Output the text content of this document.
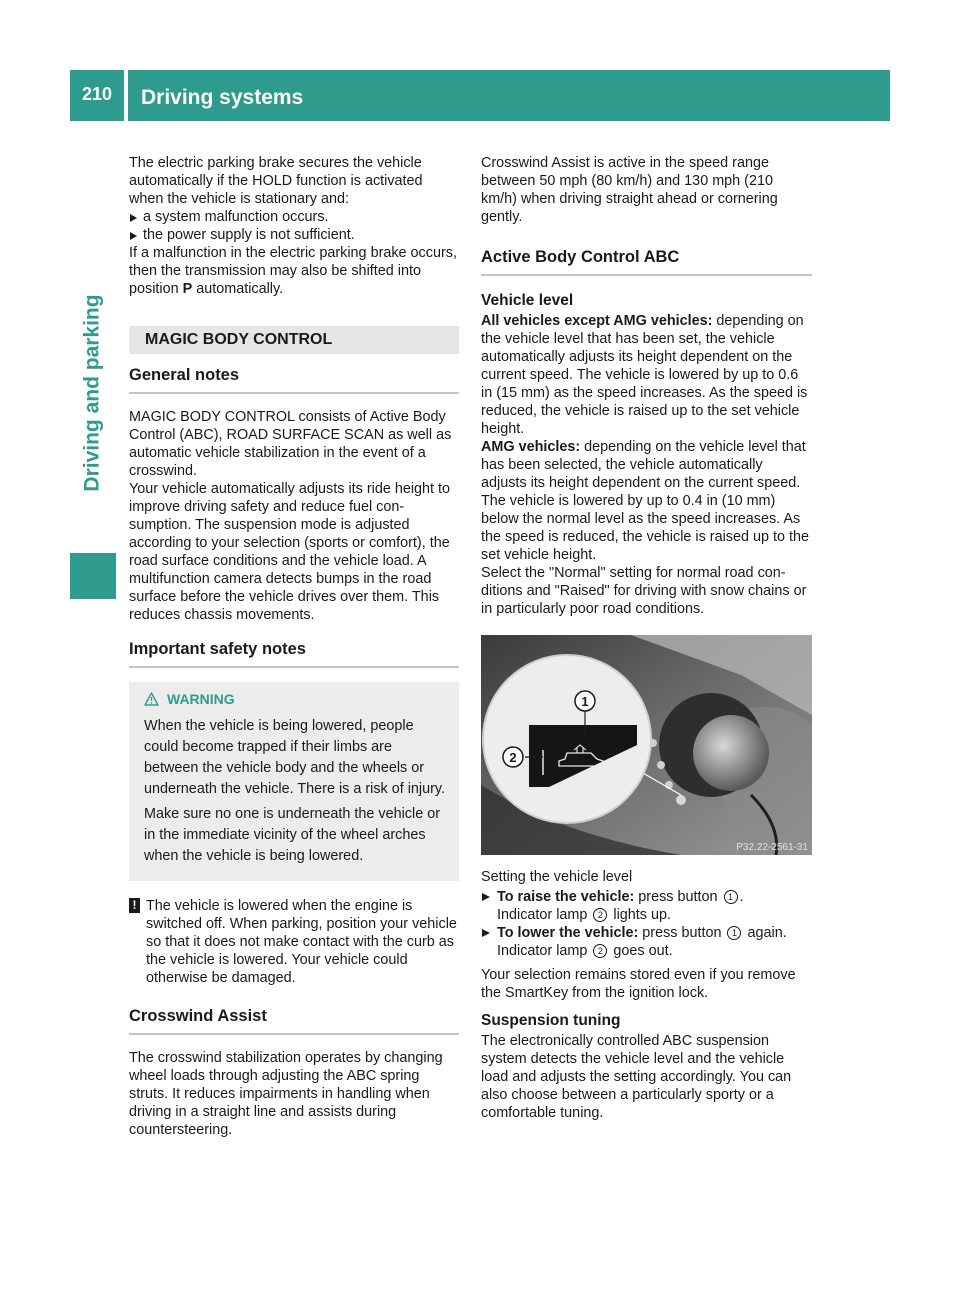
210	Driving systems
Driving and parking

The electric parking brake secures the vehicle automatically if the HOLD function is activated when the vehicle is stationary and:

a system malfunction occurs.
the power supply is not sufficient.

If a malfunction in the electric parking brake occurs, then the transmission may also be shifted into position P automatically.

MAGIC BODY CONTROL
General notes

MAGIC BODY CONTROL consists of Active Body Control (ABC), ROAD SURFACE SCAN as well as automatic vehicle stabilization in the event of a crosswind.

Your vehicle automatically adjusts its ride height to improve driving safety and reduce fuel consumption. The suspension mode is adjusted according to your selection (sports or comfort), the road surface conditions and the vehicle load. A multifunction camera detects bumps in the road surface before the vehicle drives over them. This reduces chassis movements.

Important safety notes
WARNING

When the vehicle is being lowered, people could become trapped if their limbs are between the vehicle body and the wheels or underneath the vehicle. There is a risk of injury.

Make sure no one is underneath the vehicle or in the immediate vicinity of the wheel arches when the vehicle is being lowered.

! The vehicle is lowered when the engine is switched off. When parking, position your vehicle so that it does not make contact with the curb as the vehicle is lowered. Your vehicle could otherwise be damaged.

Crosswind Assist

The crosswind stabilization operates by changing wheel loads through adjusting the ABC spring struts. It reduces impairments in handling when driving in a straight line and assists during countersteering.

Crosswind Assist is active in the speed range between 50 mph (80 km/h) and 130 mph (210 km/h) when driving straight ahead or cornering gently.

Active Body Control ABC
Vehicle level

All vehicles except AMG vehicles: depending on the vehicle level that has been set, the vehicle automatically adjusts its height dependent on the current speed. The vehicle is lowered by up to 0.6 in (15 mm) as the speed increases. As the speed is reduced, the vehicle is raised up to the set vehicle height.

AMG vehicles: depending on the vehicle level that has been selected, the vehicle automatically adjusts its height dependent on the current speed. The vehicle is lowered by up to 0.4 in (10 mm) below the normal level as the speed increases. As the speed is reduced, the vehicle is raised up to the set vehicle height.

Select the "Normal" setting for normal road conditions and "Raised" for driving with snow chains or in particularly poor road conditions.

1
2
P32.22-2561-31

Setting the vehicle level

To raise the vehicle: press button 1 .
Indicator lamp 2 lights up.
To lower the vehicle: press button 1 again.
Indicator lamp 2 goes out.

Your selection remains stored even if you remove the SmartKey from the ignition lock.

Suspension tuning

The electronically controlled ABC suspension system detects the vehicle level and the vehicle load and adjusts the setting accordingly. You can also choose between a particularly sporty or a comfortable tuning.
